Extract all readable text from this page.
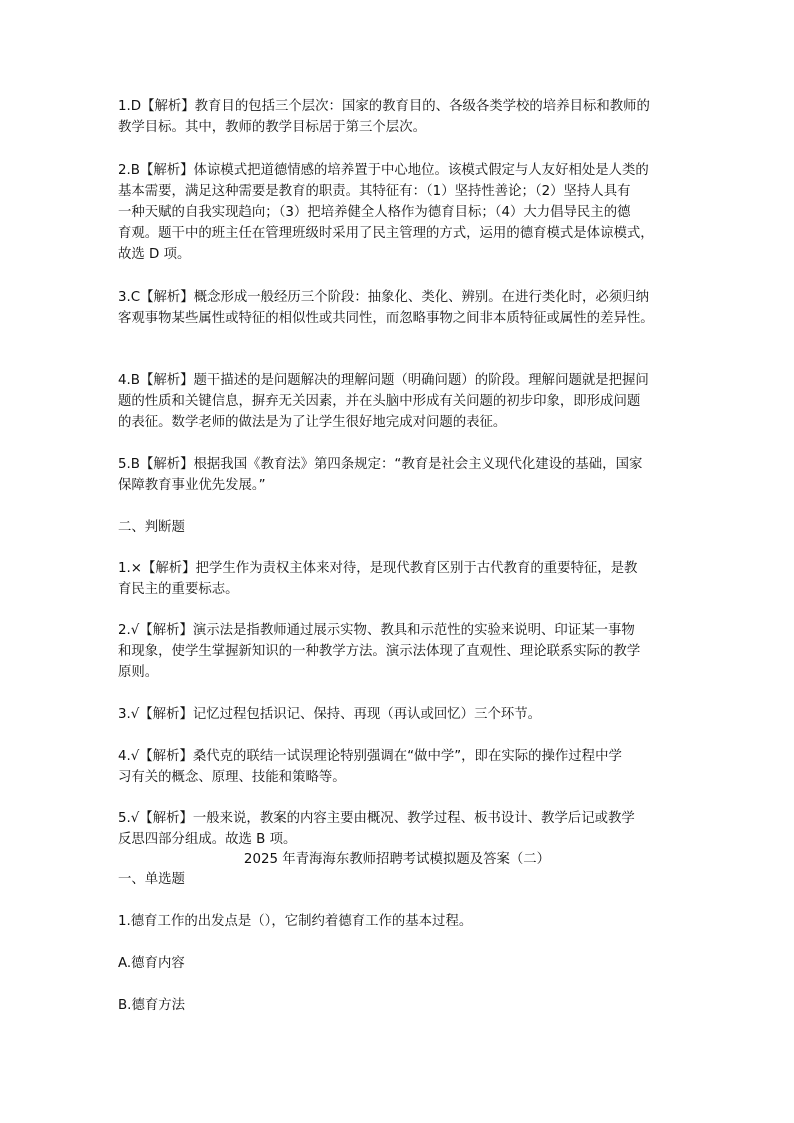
1.D【解析】教育目的包括三个层次：国家的教育目的、各级各类学校的培养目标和教师的
教学目标。其中，教师的教学目标居于第三个层次。
2.B【解析】体谅模式把道德情感的培养置于中心地位。该模式假定与人友好相处是人类的
基本需要，满足这种需要是教育的职责。其特征有：（1）坚持性善论；（2）坚持人具有
一种天赋的自我实现趋向；（3）把培养健全人格作为德育目标；（4）大力倡导民主的德
育观。题干中的班主任在管理班级时采用了民主管理的方式，运用的德育模式是体谅模式，
故选 D 项。
3.C【解析】概念形成一般经历三个阶段：抽象化、类化、辨别。在进行类化时，必须归纳
客观事物某些属性或特征的相似性或共同性，而忽略事物之间非本质特征或属性的差异性。
4.B【解析】题干描述的是问题解决的理解问题（明确问题）的阶段。理解问题就是把握问
题的性质和关键信息，摒弃无关因素，并在头脑中形成有关问题的初步印象，即形成问题
的表征。数学老师的做法是为了让学生很好地完成对问题的表征。
5.B【解析】根据我国《教育法》第四条规定：“教育是社会主义现代化建设的基础，国家
保障教育事业优先发展。”
1.×【解析】把学生作为责权主体来对待，是现代教育区别于古代教育的重要特征，是教
育民主的重要标志。
2.√【解析】演示法是指教师通过展示实物、教具和示范性的实验来说明、印证某一事物
和现象，使学生掌握新知识的一种教学方法。演示法体现了直观性、理论联系实际的教学
原则。
3.√【解析】记忆过程包括识记、保持、再现（再认或回忆）三个环节。
4.√【解析】桑代克的联结一试误理论特别强调在“做中学”，即在实际的操作过程中学
习有关的概念、原理、技能和策略等。
5.√【解析】一般来说，教案的内容主要由概况、教学过程、板书设计、教学后记或教学
反思四部分组成。故选 B 项。
二、判断题
2025 年青海海东教师招聘考试模拟题及答案（二）
一、单选题
1.德育工作的出发点是（），它制约着德育工作的基本过程。
A.德育内容
B.德育方法
